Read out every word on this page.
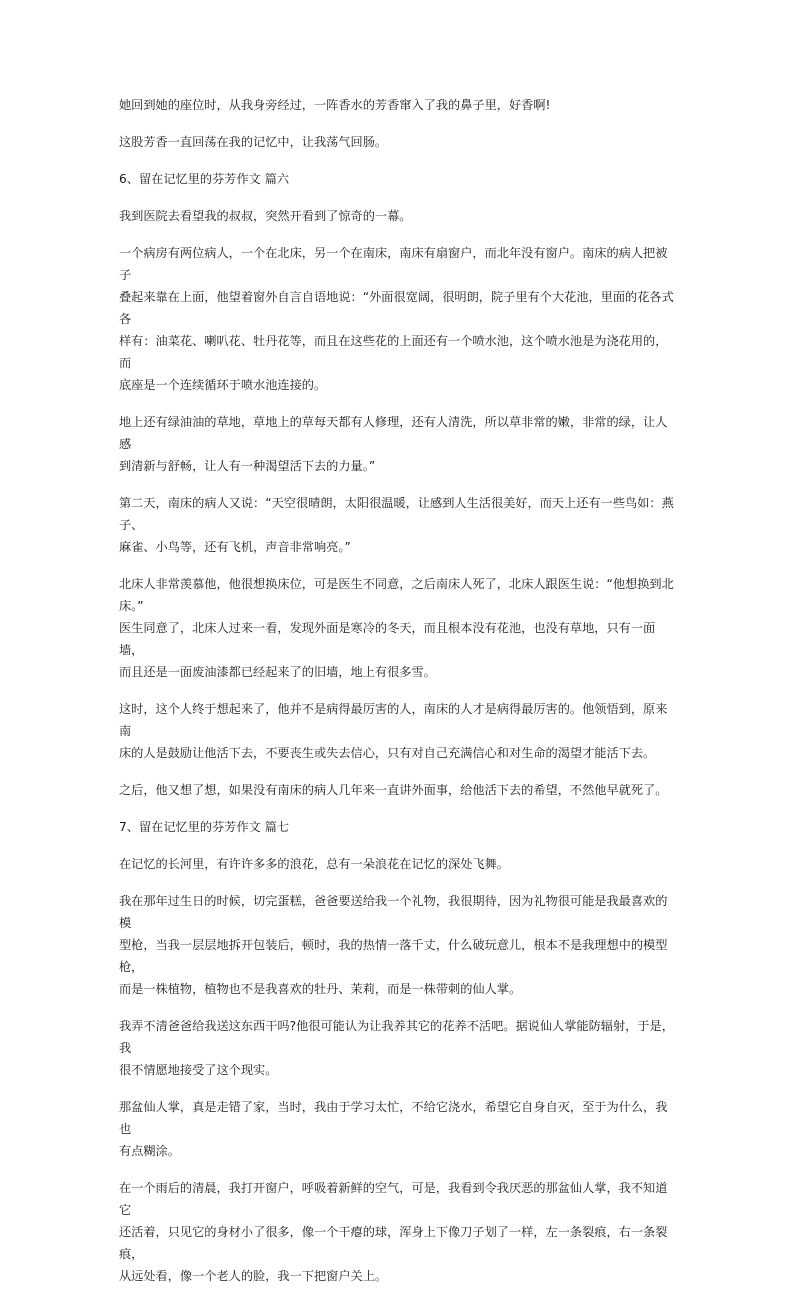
她回到她的座位时，从我身旁经过，一阵香水的芳香窜入了我的鼻子里，好香啊!

这股芳香一直回荡在我的记忆中，让我荡气回肠。

6、留在记忆里的芬芳作文 篇六

我到医院去看望我的叔叔，突然开看到了惊奇的一幕。

一个病房有两位病人，一个在北床，另一个在南床，南床有扇窗户，而北年没有窗户。南床的病人把被子
叠起来靠在上面，他望着窗外自言自语地说：“外面很宽阔，很明朗，院子里有个大花池，里面的花各式各
样有：油菜花、喇叭花、牡丹花等，而且在这些花的上面还有一个喷水池，这个喷水池是为浇花用的，而
底座是一个连续循环于喷水池连接的。

地上还有绿油油的草地，草地上的草每天都有人修理，还有人清洗，所以草非常的嫩，非常的绿，让人感
到清新与舒畅，让人有一种渴望活下去的力量。”

第二天，南床的病人又说：“天空很晴朗，太阳很温暖，让感到人生活很美好，而天上还有一些鸟如：燕子、
麻雀、小鸟等，还有飞机，声音非常响亮。”

北床人非常羡慕他，他很想换床位，可是医生不同意，之后南床人死了，北床人跟医生说：“他想换到北床。”
医生同意了，北床人过来一看，发现外面是寒冷的冬天，而且根本没有花池，也没有草地，只有一面墙，
而且还是一面废油漆都已经起来了的旧墙，地上有很多雪。

这时，这个人终于想起来了，他并不是病得最厉害的人，南床的人才是病得最厉害的。他领悟到，原来南
床的人是鼓励让他活下去，不要丧生或失去信心，只有对自己充满信心和对生命的渴望才能活下去。

之后，他又想了想，如果没有南床的病人几年来一直讲外面事，给他活下去的希望，不然他早就死了。

7、留在记忆里的芬芳作文 篇七

在记忆的长河里，有许许多多的浪花，总有一朵浪花在记忆的深处飞舞。

我在那年过生日的时候，切完蛋糕，爸爸要送给我一个礼物，我很期待，因为礼物很可能是我最喜欢的模
型枪，当我一层层地拆开包装后，顿时，我的热情一落千丈，什么破玩意儿，根本不是我理想中的模型枪，
而是一株植物，植物也不是我喜欢的牡丹、茉莉，而是一株带刺的仙人掌。

我弄不清爸爸给我送这东西干吗?他很可能认为让我养其它的花养不活吧。据说仙人掌能防辐射，于是，我
很不情愿地接受了这个现实。

那盆仙人掌，真是走错了家，当时，我由于学习太忙，不给它浇水，希望它自身自灭，至于为什么，我也
有点糊涂。

在一个雨后的清晨，我打开窗户，呼吸着新鲜的空气，可是，我看到令我厌恶的那盆仙人掌，我不知道它
还活着，只见它的身材小了很多，像一个干瘪的球，浑身上下像刀子划了一样，左一条裂痕，右一条裂痕，
从远处看，像一个老人的脸，我一下把窗户关上。
